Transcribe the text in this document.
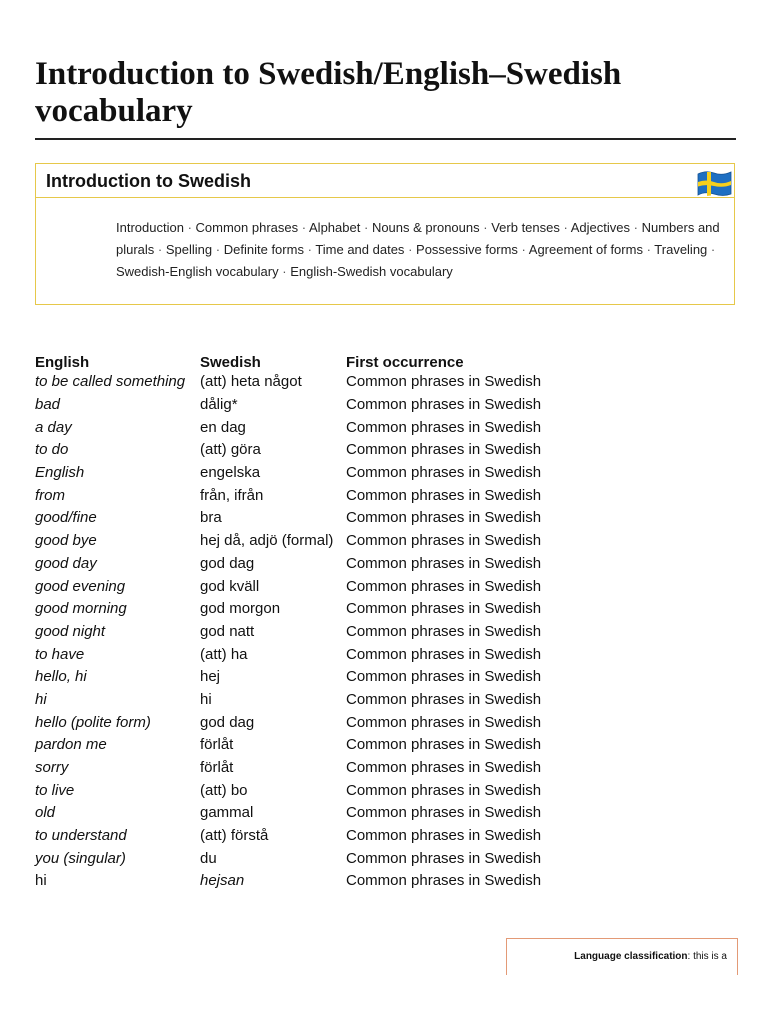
Introduction to Swedish/English–Swedish vocabulary
Introduction to Swedish
Introduction · Common phrases · Alphabet · Nouns & pronouns · Verb tenses · Adjectives · Numbers and plurals · Spelling · Definite forms · Time and dates · Possessive forms · Agreement of forms · Traveling · Swedish-English vocabulary · English-Swedish vocabulary
English	Swedish	First occurrence
to be called something	(att) heta något	Common phrases in Swedish
bad	dålig*	Common phrases in Swedish
a day	en dag	Common phrases in Swedish
to do	(att) göra	Common phrases in Swedish
English	engelska	Common phrases in Swedish
from	från, ifrån	Common phrases in Swedish
good/fine	bra	Common phrases in Swedish
good bye	hej då, adjö (formal)	Common phrases in Swedish
good day	god dag	Common phrases in Swedish
good evening	god kväll	Common phrases in Swedish
good morning	god morgon	Common phrases in Swedish
good night	god natt	Common phrases in Swedish
to have	(att) ha	Common phrases in Swedish
hello, hi	hej	Common phrases in Swedish
hi	hi	Common phrases in Swedish
hello (polite form)	god dag	Common phrases in Swedish
pardon me	förlåt	Common phrases in Swedish
sorry	förlåt	Common phrases in Swedish
to live	(att) bo	Common phrases in Swedish
old	gammal	Common phrases in Swedish
to understand	(att) förstå	Common phrases in Swedish
you (singular)	du	Common phrases in Swedish
hi	hejsan	Common phrases in Swedish
Language classification: this is a
